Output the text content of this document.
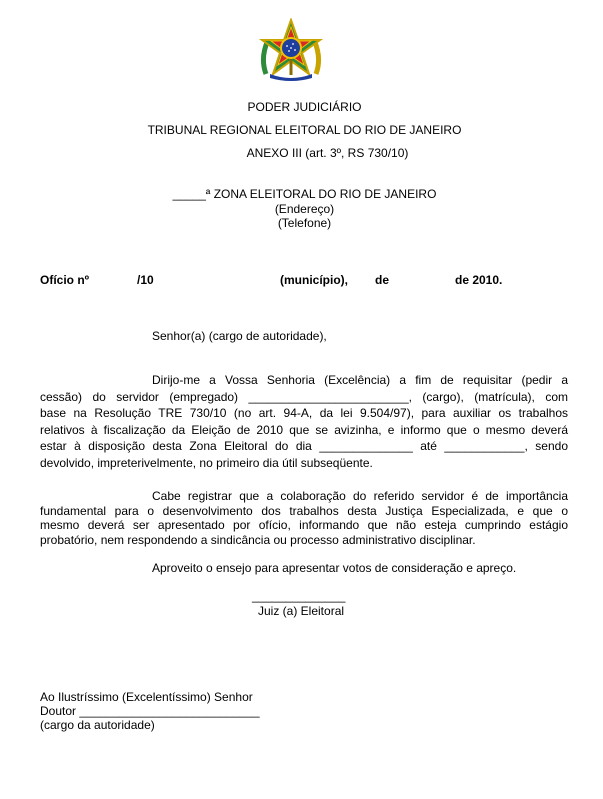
PODER JUDICIÁRIO
TRIBUNAL REGIONAL ELEITORAL DO RIO DE JANEIRO
ANEXO III (art. 3º, RS 730/10)
_____ª ZONA ELEITORAL DO RIO DE JANEIRO
(Endereço)
(Telefone)
Ofício nº	/10	(município), de	de 2010.
Senhor(a) (cargo de autoridade),
Dirijo-me a Vossa Senhoria (Excelência) a fim de requisitar (pedir a
cessão) do servidor (empregado) ________________________, (cargo), (matrícula), com
base na Resolução TRE 730/10 (no art. 94-A, da lei 9.504/97), para auxiliar os trabalhos
relativos à fiscalização da Eleição de 2010 que se avizinha, e informo que o mesmo deverá
estar à disposição desta Zona Eleitoral do dia ______________ até ____________, sendo
devolvido, impreterivelmente, no primeiro dia útil subseqüente.
Cabe registrar que a colaboração do referido servidor é de importância
fundamental para o desenvolvimento dos trabalhos desta Justiça Especializada, e que o
mesmo deverá ser apresentado por ofício, informando que não esteja cumprindo estágio
probatório, nem respondendo a sindicância ou processo administrativo disciplinar.
Aproveito o ensejo para apresentar votos de consideração e apreço.
______________
Juiz (a) Eleitoral
Ao Ilustríssimo (Excelentíssimo) Senhor
Doutor ___________________________
(cargo da autoridade)
